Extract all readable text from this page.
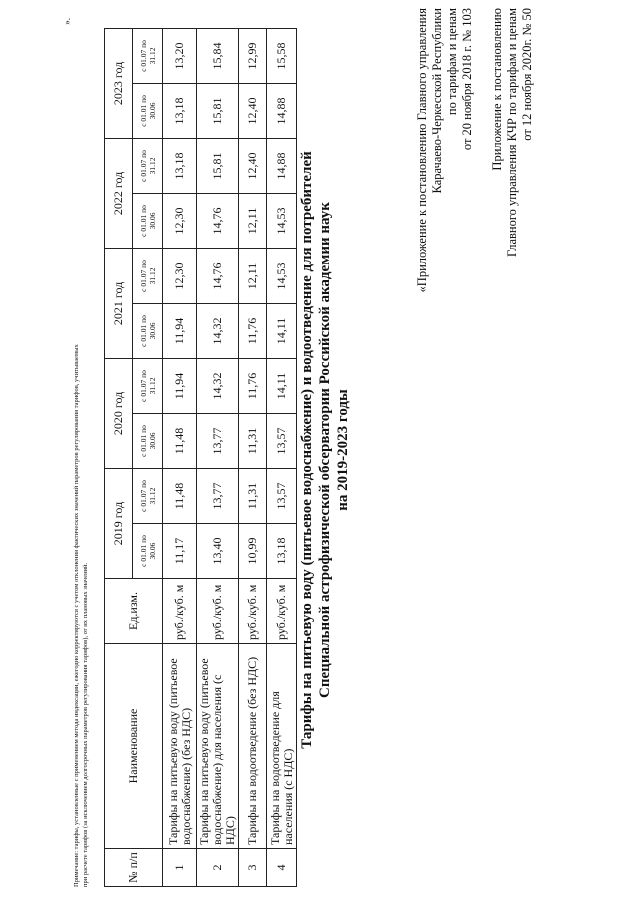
Приложение к постановлению Главного управления КЧР по тарифам и ценам от 12 ноября 2020г. № 50
«Приложение к постановлению Главного управления Карачаево-Черкесской Республики по тарифам и ценам от 20 ноября 2018 г. № 103
Тарифы на питьевую воду (питьевое водоснабжение) и водоотведение для потребителей Специальной астрофизической обсерватории Российской академии наук на 2019-2023 годы
№ п/п	Наименование	Ед.изм.	2019 год		2020 год		2021 год		2022 год		2023 год	
			с 01.01 по 30.06	с 01.07 по 31.12	с 01.01 по 30.06	с 01.07 по 31.12	с 01.01 по 30.06	с 01.07 по 31.12	с 01.01 по 30.06	с 01.07 по 31.12	с 01.01 по 30.06	с 01.07 по 31.12
1	Тарифы на питьевую воду (питьевое водоснабжение) (без НДС)	руб./куб. м	11,17	11,48	11,48	11,94	11,94	12,30	12,30	13,18	13,18	13,20
2	Тарифы на питьевую воду (питьевое водоснабжение) для населения (с НДС)	руб./куб. м	13,40	13,77	13,77	14,32	14,32	14,76	14,76	15,81	15,81	15,84
3	Тарифы на водоотведение (без НДС)	руб./куб. м	10,99	11,31	11,31	11,76	11,76	12,11	12,11	12,40	12,40	12,99
4	Тарифы на водоотведение для населения (с НДС)	руб./куб. м	13,18	13,57	13,57	14,11	14,11	14,53	14,53	14,88	14,88	15,58
Примечание: тарифы, установленные с применением метода индексации, ежегодно корректируются с учетом отклонения фактических значений параметров регулирования тарифов, учитываемых при расчете тарифов (за исключением долгосрочных параметров регулирования тарифов), от их плановых значений.
».
